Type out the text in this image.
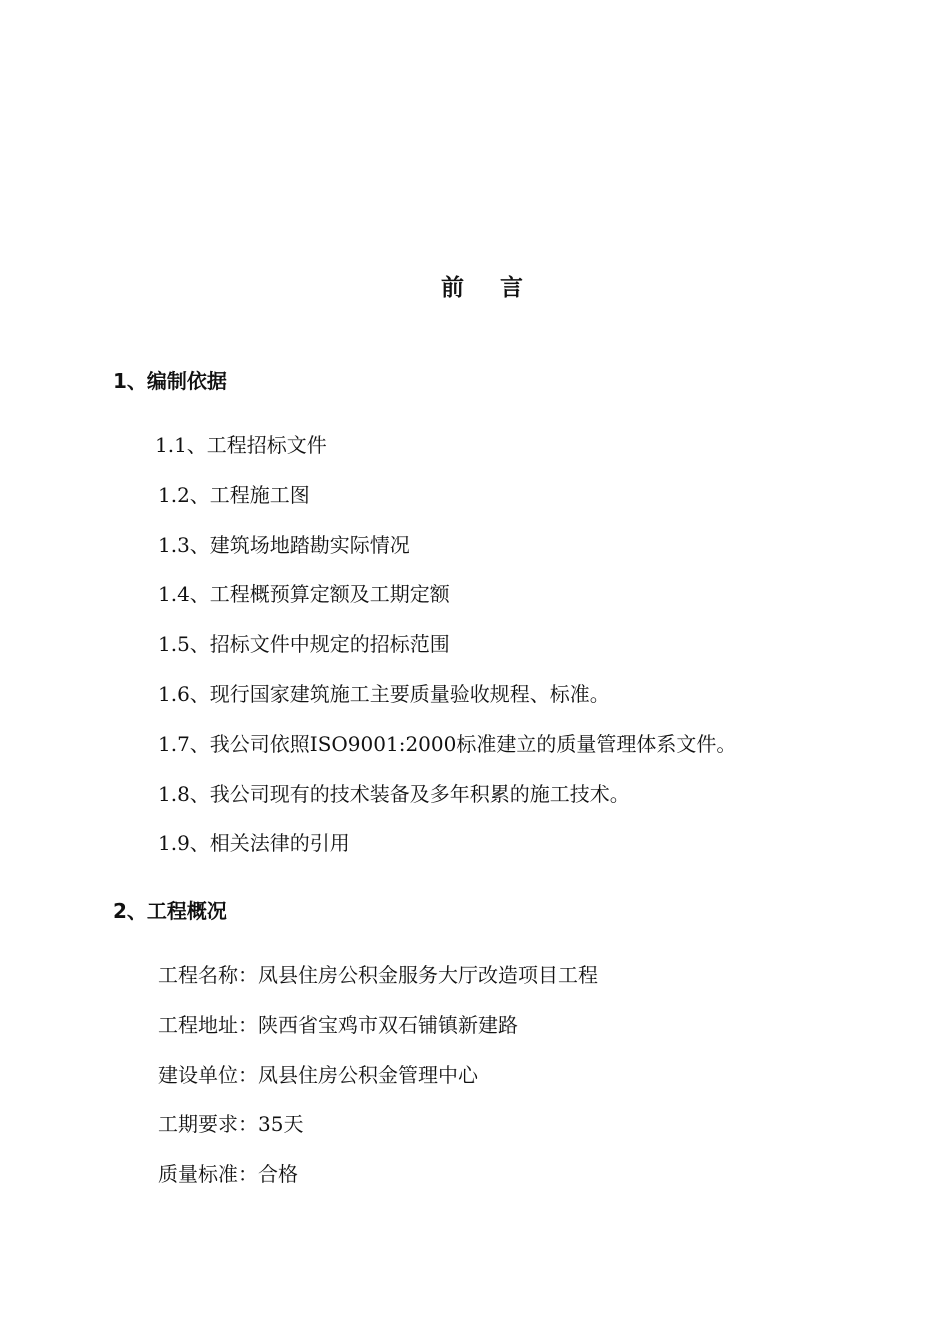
前 言
1、编制依据
1.1、工程招标文件
1.2、工程施工图
1.3、建筑场地踏勘实际情况
1.4、工程概预算定额及工期定额
1.5、招标文件中规定的招标范围
1.6、现行国家建筑施工主要质量验收规程、标准。
1.7、我公司依照ISO9001:2000标准建立的质量管理体系文件。
1.8、我公司现有的技术装备及多年积累的施工技术。
1.9、相关法律的引用
2、工程概况
工程名称：凤县住房公积金服务大厅改造项目工程
工程地址：陕西省宝鸡市双石铺镇新建路
建设单位：凤县住房公积金管理中心
工期要求：35天
质量标准：合格
